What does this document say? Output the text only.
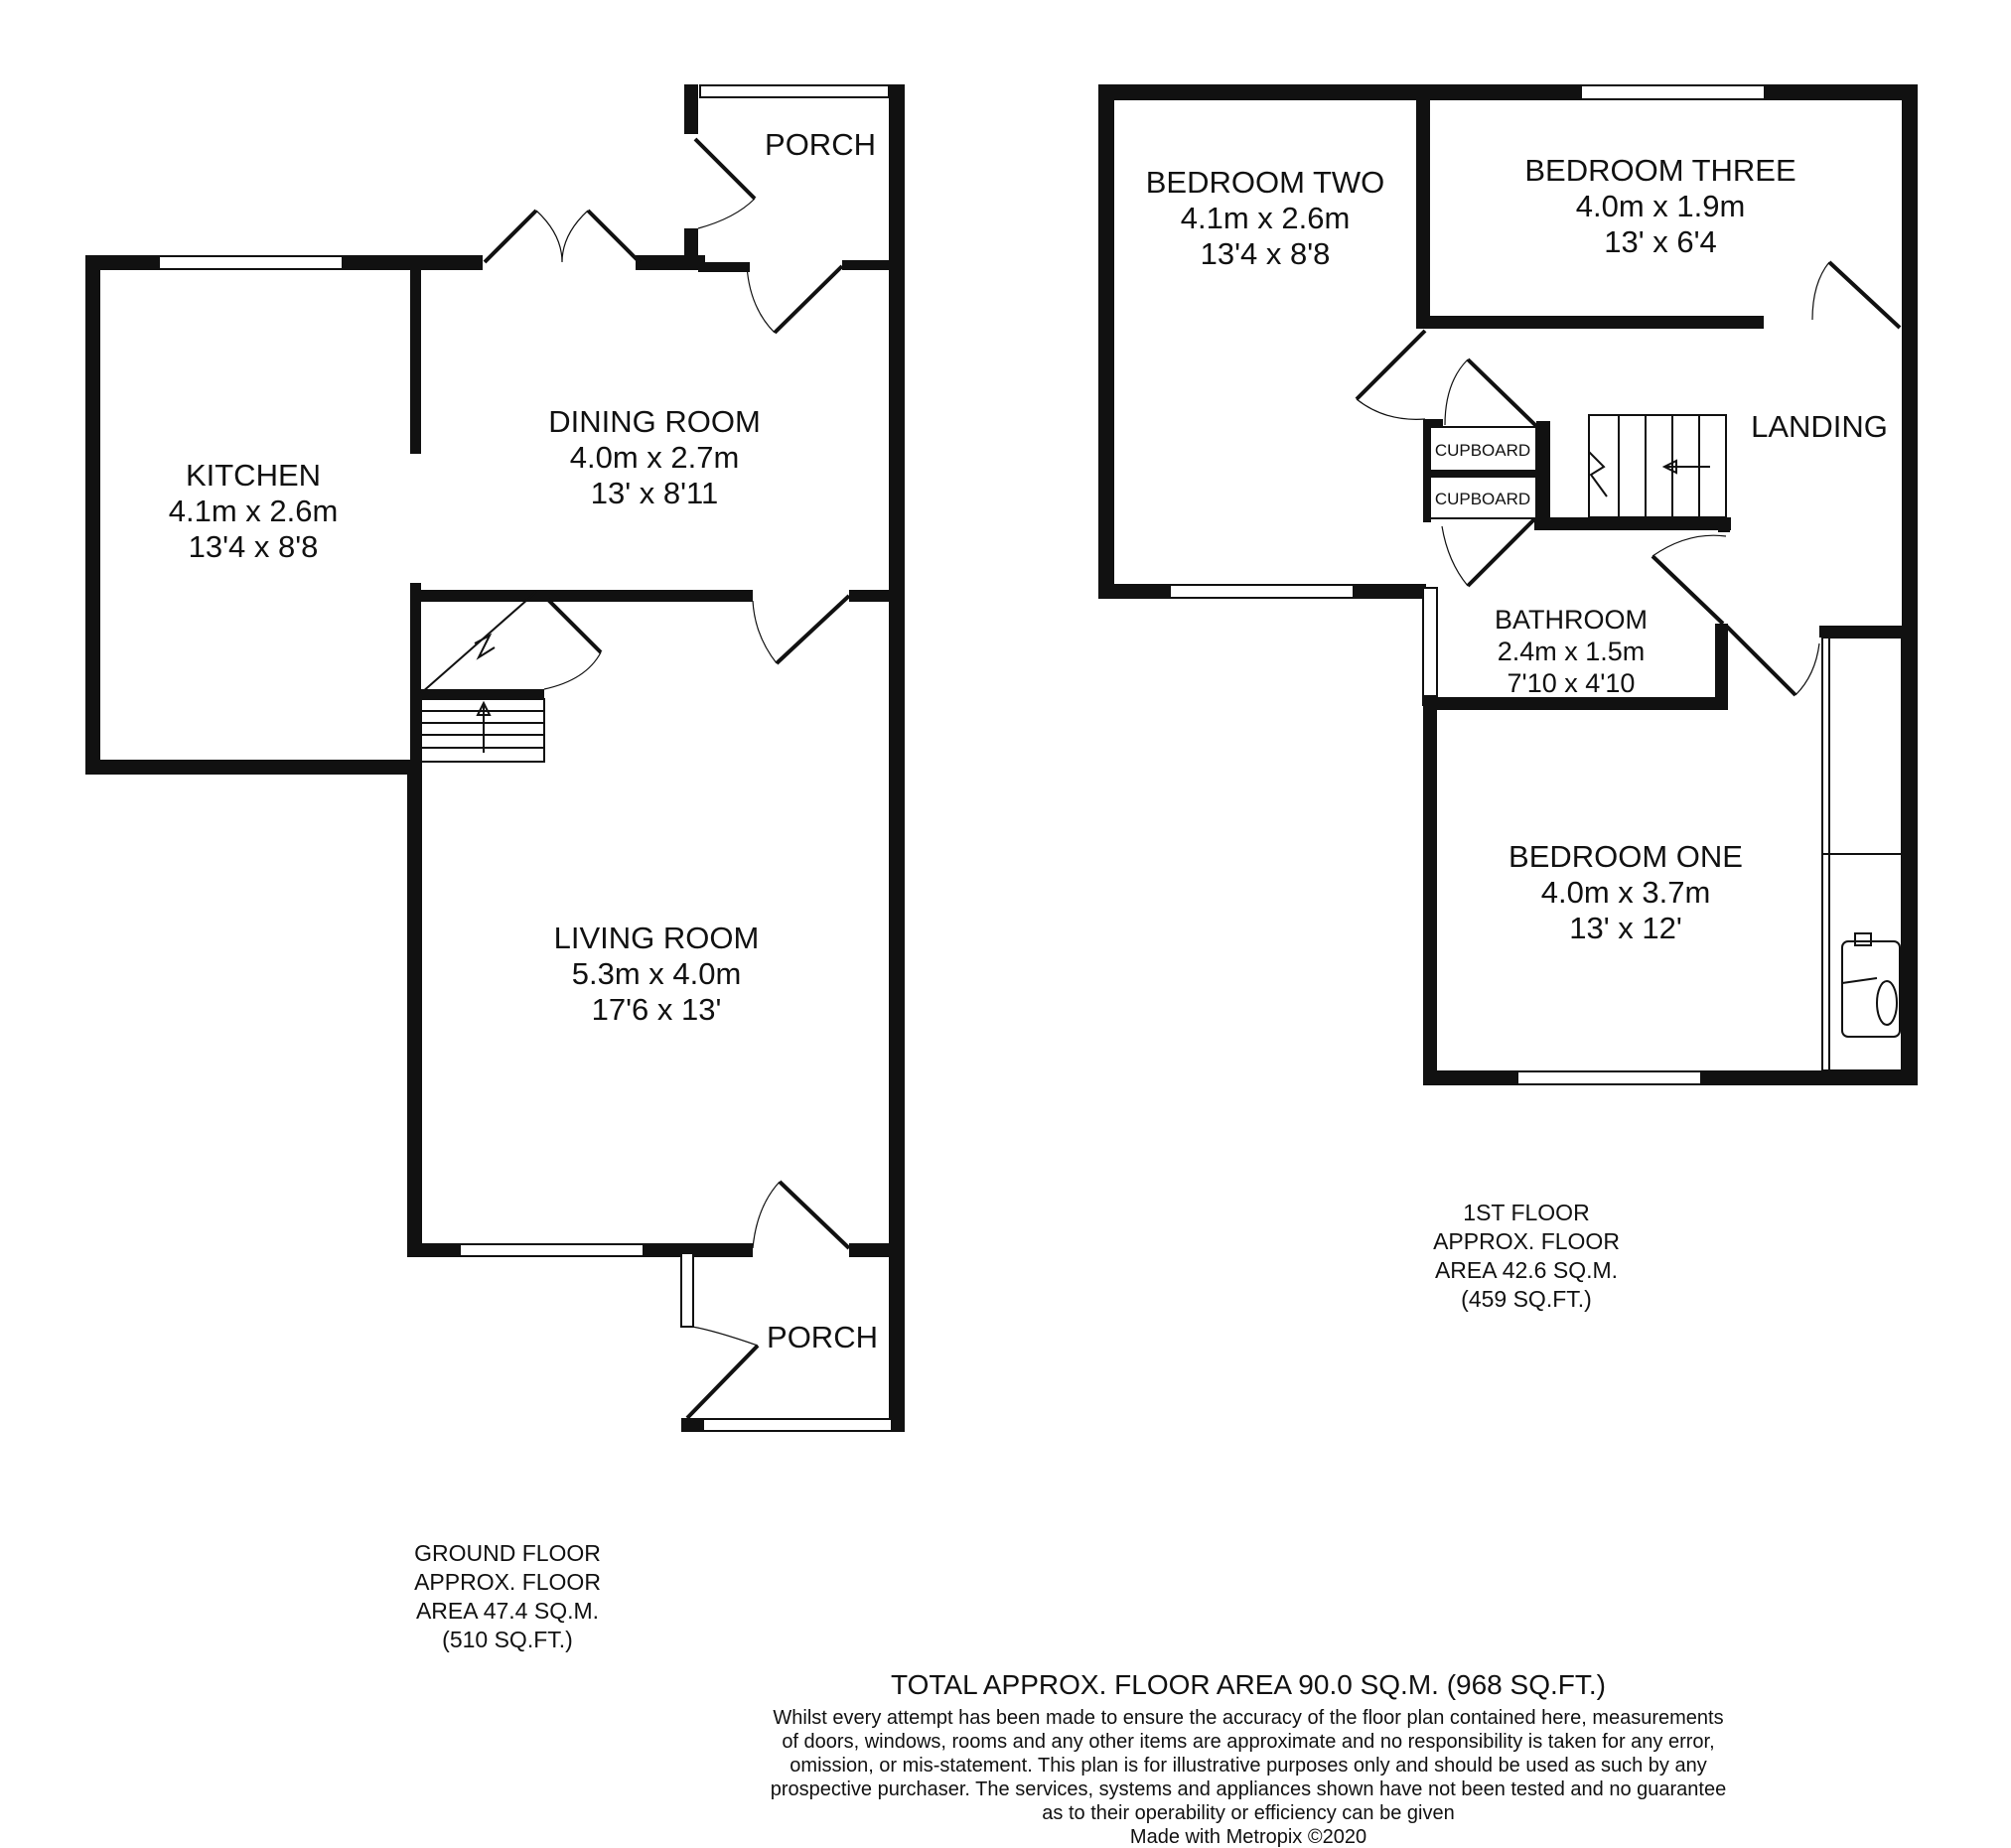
KITCHEN
4.1m x 2.6m
13'4 x 8'8
DINING ROOM
4.0m x 2.7m
13' x 8'11
PORCH
LIVING ROOM
5.3m x 4.0m
17'6 x 13'
PORCH
BEDROOM TWO
4.1m x 2.6m
13'4 x 8'8
BEDROOM THREE
4.0m x 1.9m
13' x 6'4
LANDING
CUPBOARD
CUPBOARD
BATHROOM
2.4m x 1.5m
7'10 x 4'10
BEDROOM ONE
4.0m x 3.7m
13' x 12'
GROUND FLOOR
APPROX. FLOOR
AREA 47.4 SQ.M.
(510 SQ.FT.)
1ST FLOOR
APPROX. FLOOR
AREA 42.6 SQ.M.
(459 SQ.FT.)
TOTAL APPROX. FLOOR AREA 90.0 SQ.M. (968 SQ.FT.)
Whilst every attempt has been made to ensure the accuracy of the floor plan contained here, measurements
of doors, windows, rooms and any other items are approximate and no responsibility is taken for any error,
omission, or mis-statement. This plan is for illustrative purposes only and should be used as such by any
prospective purchaser. The services, systems and appliances shown have not been tested and no guarantee
as to their operability or efficiency can be given
Made with Metropix ©2020
